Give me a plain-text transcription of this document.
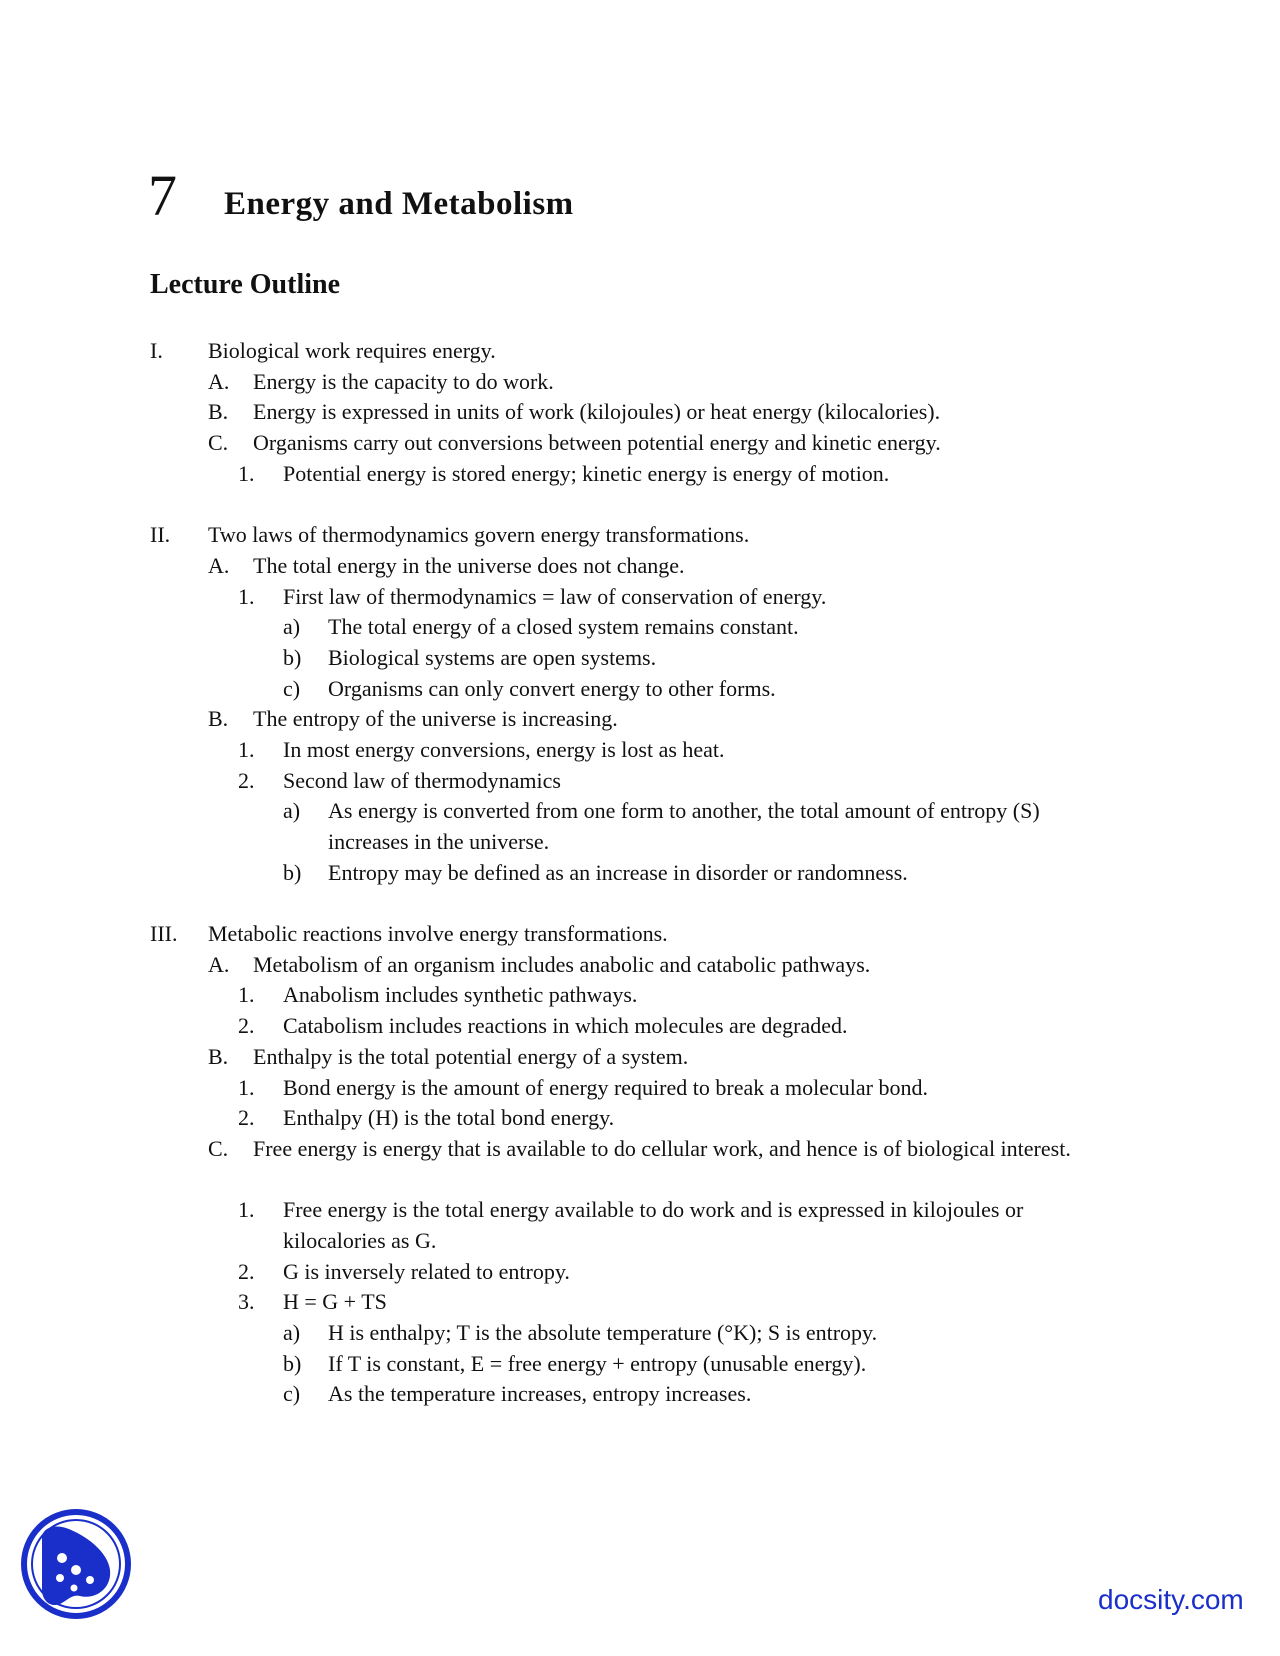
7 Energy and Metabolism
Lecture Outline
I. Biological work requires energy.
A. Energy is the capacity to do work.
B. Energy is expressed in units of work (kilojoules) or heat energy (kilocalories).
C. Organisms carry out conversions between potential energy and kinetic energy.
1. Potential energy is stored energy; kinetic energy is energy of motion.
II. Two laws of thermodynamics govern energy transformations.
A. The total energy in the universe does not change.
1. First law of thermodynamics = law of conservation of energy.
a) The total energy of a closed system remains constant.
b) Biological systems are open systems.
c) Organisms can only convert energy to other forms.
B. The entropy of the universe is increasing.
1. In most energy conversions, energy is lost as heat.
2. Second law of thermodynamics
a) As energy is converted from one form to another, the total amount of entropy (S) increases in the universe.
b) Entropy may be defined as an increase in disorder or randomness.
III. Metabolic reactions involve energy transformations.
A. Metabolism of an organism includes anabolic and catabolic pathways.
1. Anabolism includes synthetic pathways.
2. Catabolism includes reactions in which molecules are degraded.
B. Enthalpy is the total potential energy of a system.
1. Bond energy is the amount of energy required to break a molecular bond.
2. Enthalpy (H) is the total bond energy.
C. Free energy is energy that is available to do cellular work, and hence is of biological interest.
1. Free energy is the total energy available to do work and is expressed in kilojoules or kilocalories as G.
2. G is inversely related to entropy.
3. H = G + TS
a) H is enthalpy; T is the absolute temperature (°K); S is entropy.
b) If T is constant, E = free energy + entropy (unusable energy).
c) As the temperature increases, entropy increases.
docsity.com
